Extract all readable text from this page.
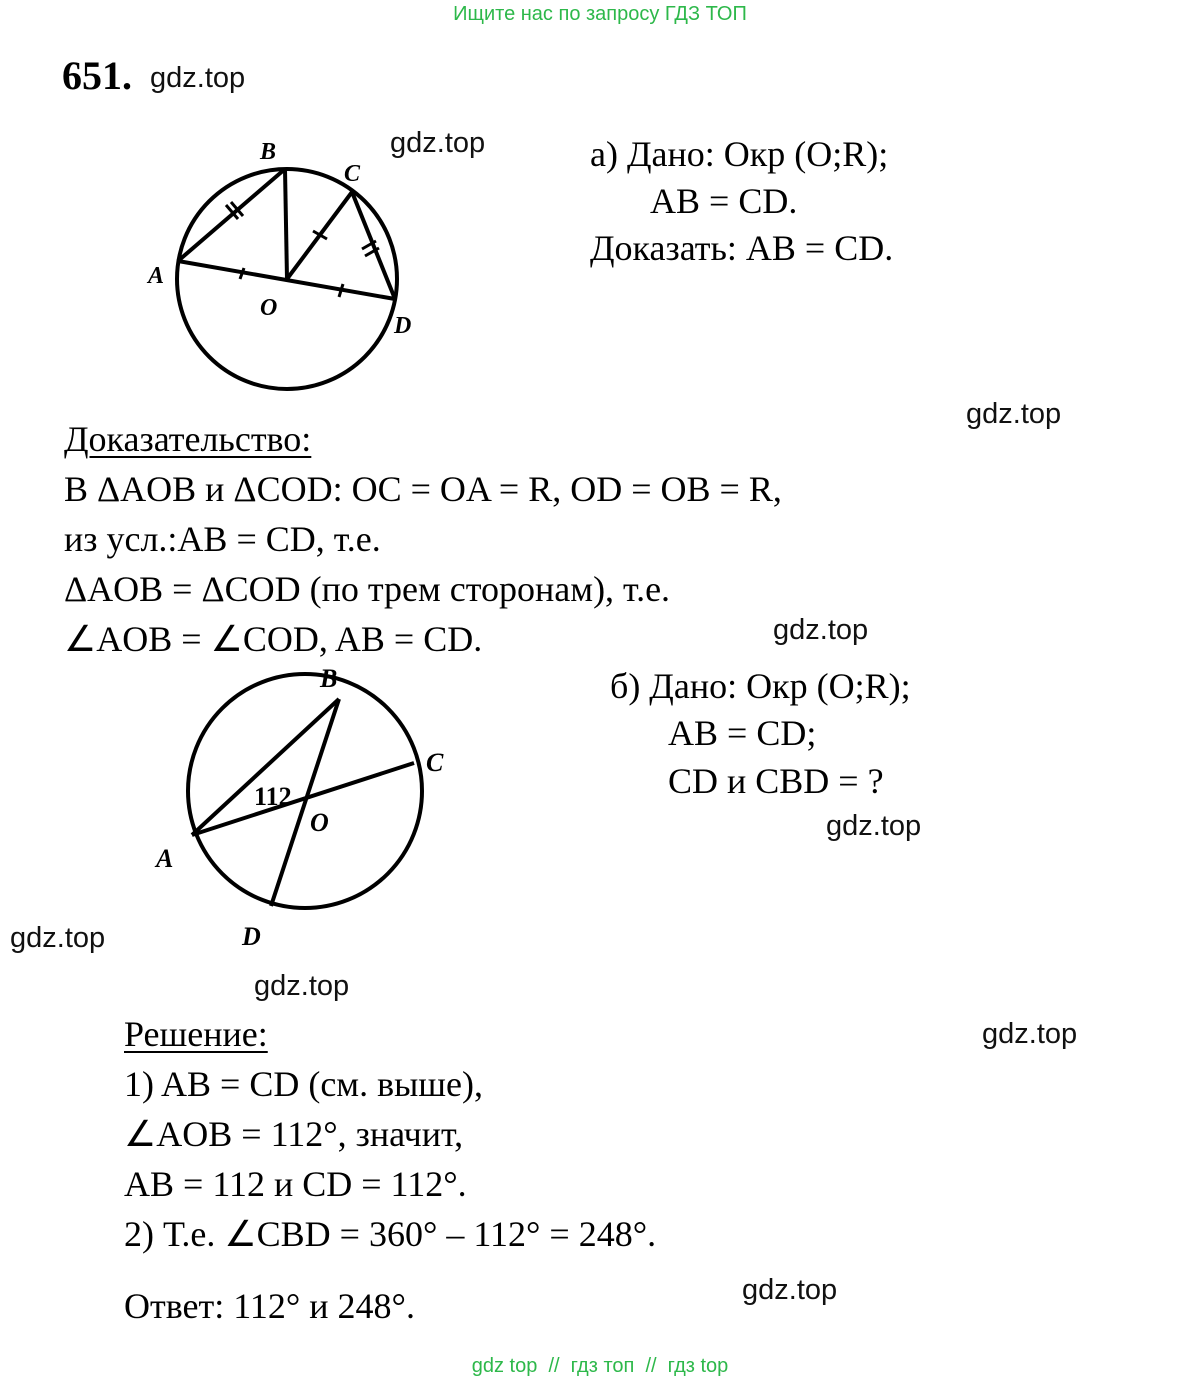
Ищите нас по запросу ГДЗ ТОП
651. gdz.top
gdz.top
gdz.top
gdz.top
gdz.top
gdz.top
gdz.top
gdz.top
gdz.top
B
C
A
O
D
а) Дано: Окр (O;R);
AB = CD.
Доказать: AB = CD.
Доказательство:
В ΔAOB и ΔCOD: OC = OA = R, OD = OB = R,
из усл.:AB = CD, т.е.
ΔAOB = ΔCOD (по трем сторонам), т.е.
∠AOB = ∠COD, AB = CD.
112
B
C
O
A
D
б) Дано: Окр (O;R);
AB = CD;
CD и CBD = ?
Решение:
1) AB = CD (см. выше),
∠AOB = 112°, значит,
AB = 112 и CD = 112°.
2) Т.е. ∠CBD = 360° – 112° = 248°.
Ответ: 112° и 248°.
gdz top  //  гдз топ  //  гдз top
